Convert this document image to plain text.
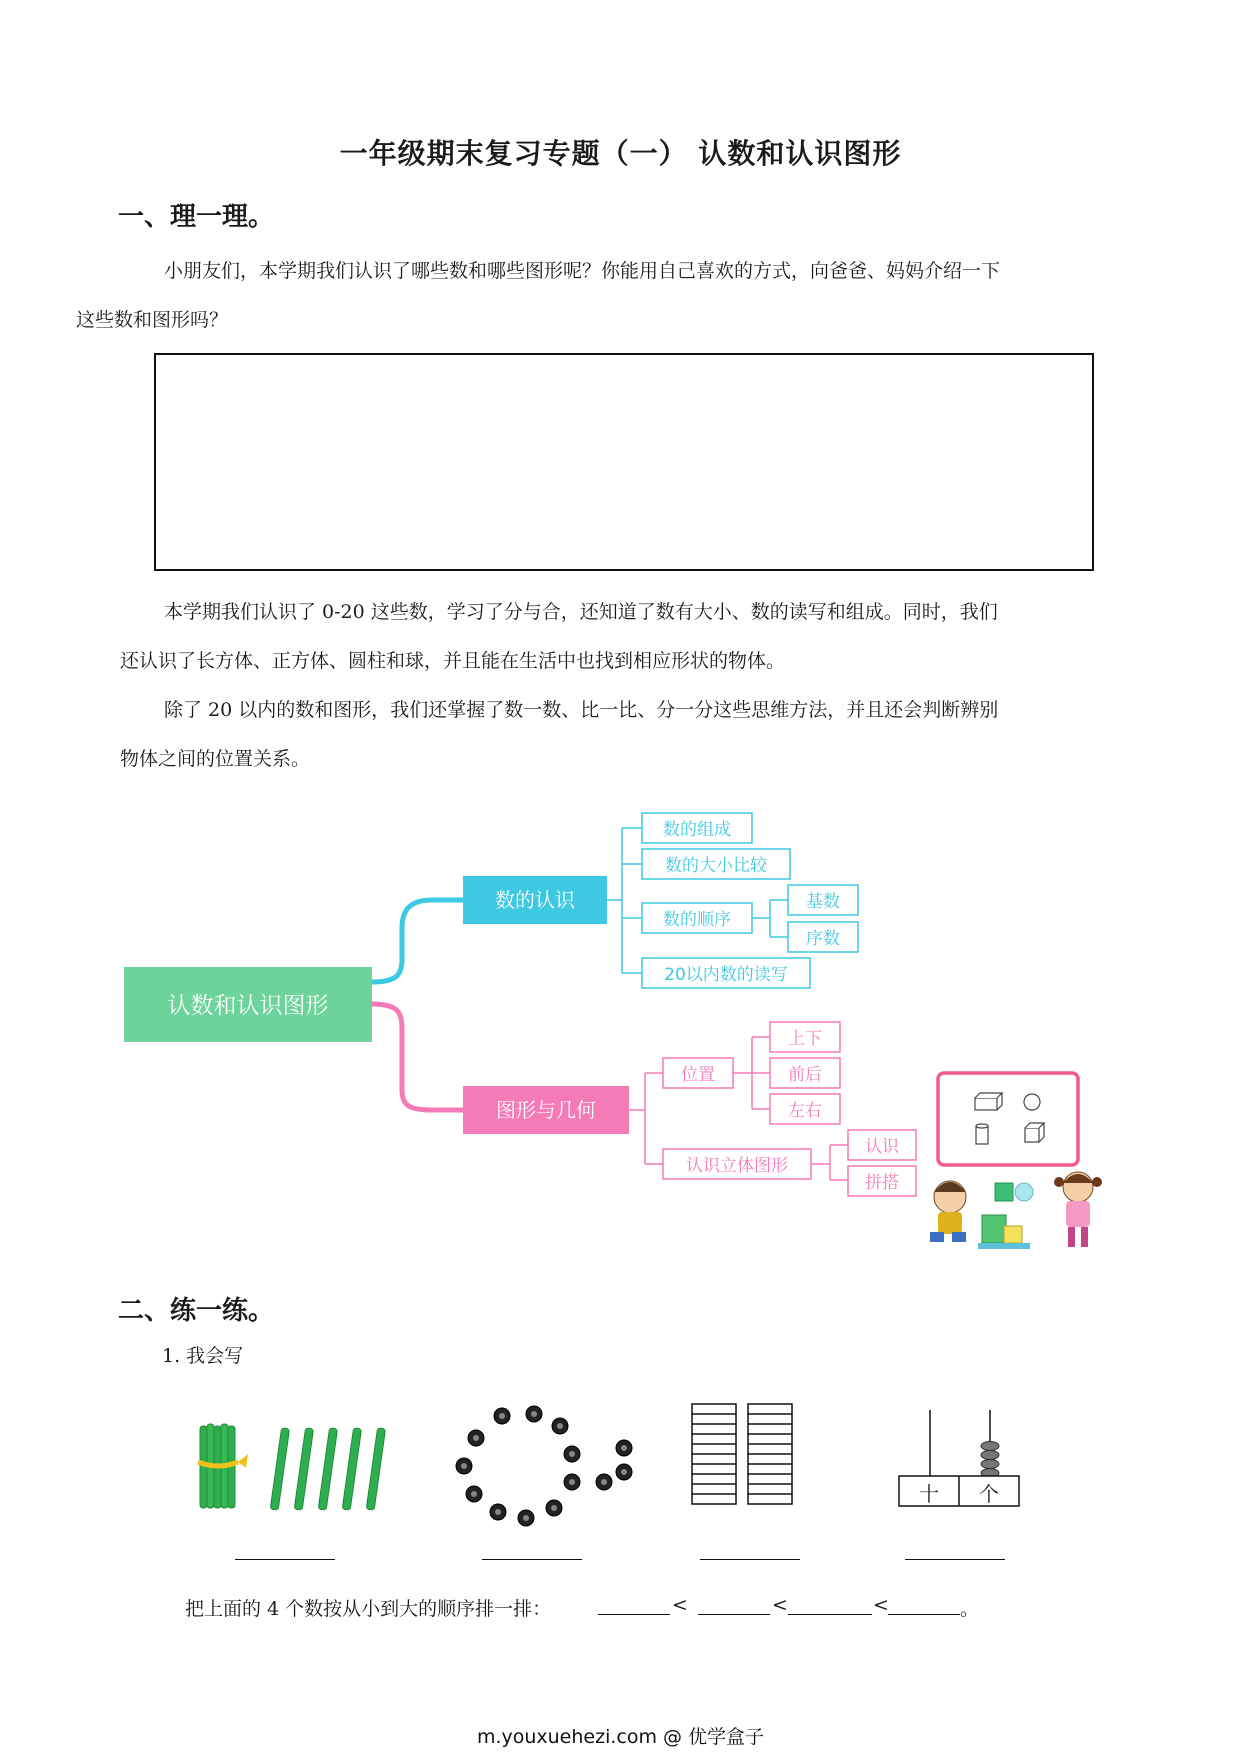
一年级期末复习专题（一） 认数和认识图形
一、理一理。
小朋友们，本学期我们认识了哪些数和哪些图形呢？你能用自己喜欢的方式，向爸爸、妈妈介绍一下
这些数和图形吗？
本学期我们认识了 0-20 这些数，学习了分与合，还知道了数有大小、数的读写和组成。同时，我们
还认识了长方体、正方体、圆柱和球，并且能在生活中也找到相应形状的物体。
除了 20 以内的数和图形，我们还掌握了数一数、比一比、分一分这些思维方法，并且还会判断辨别
物体之间的位置关系。
认数和认识图形
数的认识
数的组成
数的大小比较
数的顺序
20以内数的读写
基数
序数
图形与几何
位置
认识立体图形
上下
前后
左右
认识
拼搭
二、练一练。
1. 我会写
十	个
把上面的 4 个数按从小到大的顺序排一排：	<	<	<	。
m.youxuehezi.com @ 优学盒子
